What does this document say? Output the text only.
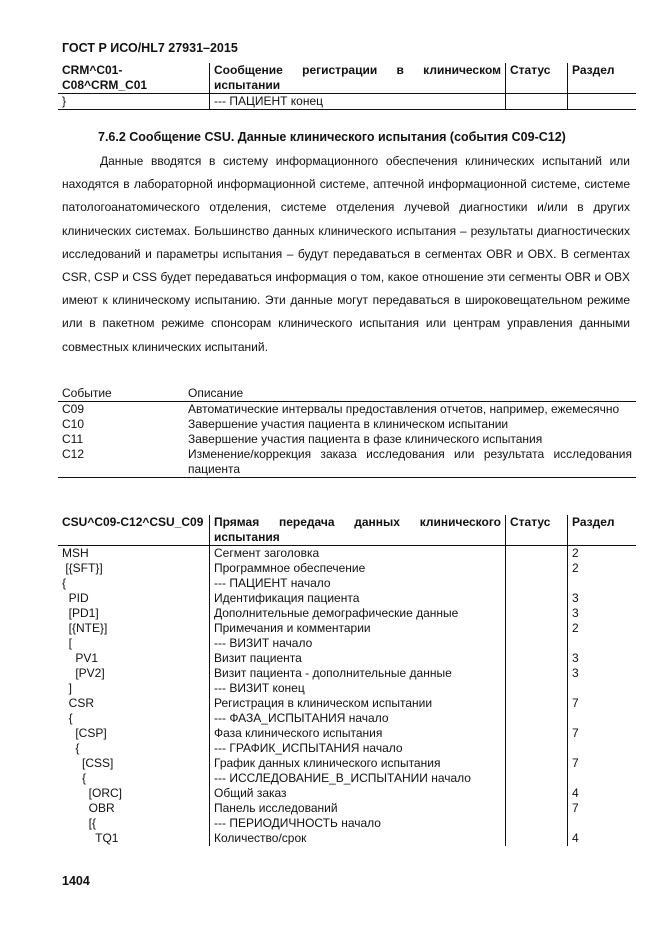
ГОСТ Р ИСО/HL7 27931–2015
CRM^C01-C08^CRM_C01	Сообщение регистрации в клиническом испытании	Статус	Раздел
}	--- ПАЦИЕНТ конец		
7.6.2 Сообщение CSU. Данные клинического испытания (события C09-C12)

Данные вводятся в систему информационного обеспечения клинических испытаний или находятся в лабораторной информационной системе, аптечной информационной системе, системе патологоанатомического отделения, системе отделения лучевой диагностики и/или в других клинических системах. Большинство данных клинического испытания – результаты диагностических исследований и параметры испытания – будут передаваться в сегментах OBR и OBX. В сегментах CSR, CSP и CSS будет передаваться информация о том, какое отношение эти сегменты OBR и OBX имеют к клиническому испытанию. Эти данные могут передаваться в широковещательном режиме или в пакетном режиме спонсорам клинического испытания или центрам управления данными совместных клинических испытаний.

Событие	Описание
C09	Автоматические интервалы предоставления отчетов, например, ежемесячно
C10	Завершение участия пациента в клиническом испытании
C11	Завершение участия пациента в фазе клинического испытания
C12	Изменение/коррекция заказа исследования или результата исследования пациента
CSU^C09-C12^CSU_C09	Прямая передача данных клинического испытания	Статус	Раздел
MSH	Сегмент заголовка		2
[{SFT}]	Программное обеспечение		2
{	--- ПАЦИЕНТ начало		
PID	Идентификация пациента		3
[PD1]	Дополнительные демографические данные		3
[{NTE}]	Примечания и комментарии		2
[	--- ВИЗИТ начало		
PV1	Визит пациента		3
[PV2]	Визит пациента - дополнительные данные		3
]	--- ВИЗИТ конец		
CSR	Регистрация в клиническом испытании		7
{	--- ФАЗА_ИСПЫТАНИЯ начало		
[CSP]	Фаза клинического испытания		7
{	--- ГРАФИК_ИСПЫТАНИЯ начало		
[CSS]	График данных клинического испытания		7
{	--- ИССЛЕДОВАНИЕ_В_ИСПЫТАНИИ начало		
[ORC]	Общий заказ		4
OBR	Панель исследований		7
[{	--- ПЕРИОДИЧНОСТЬ начало		
TQ1	Количество/срок		4
1404
